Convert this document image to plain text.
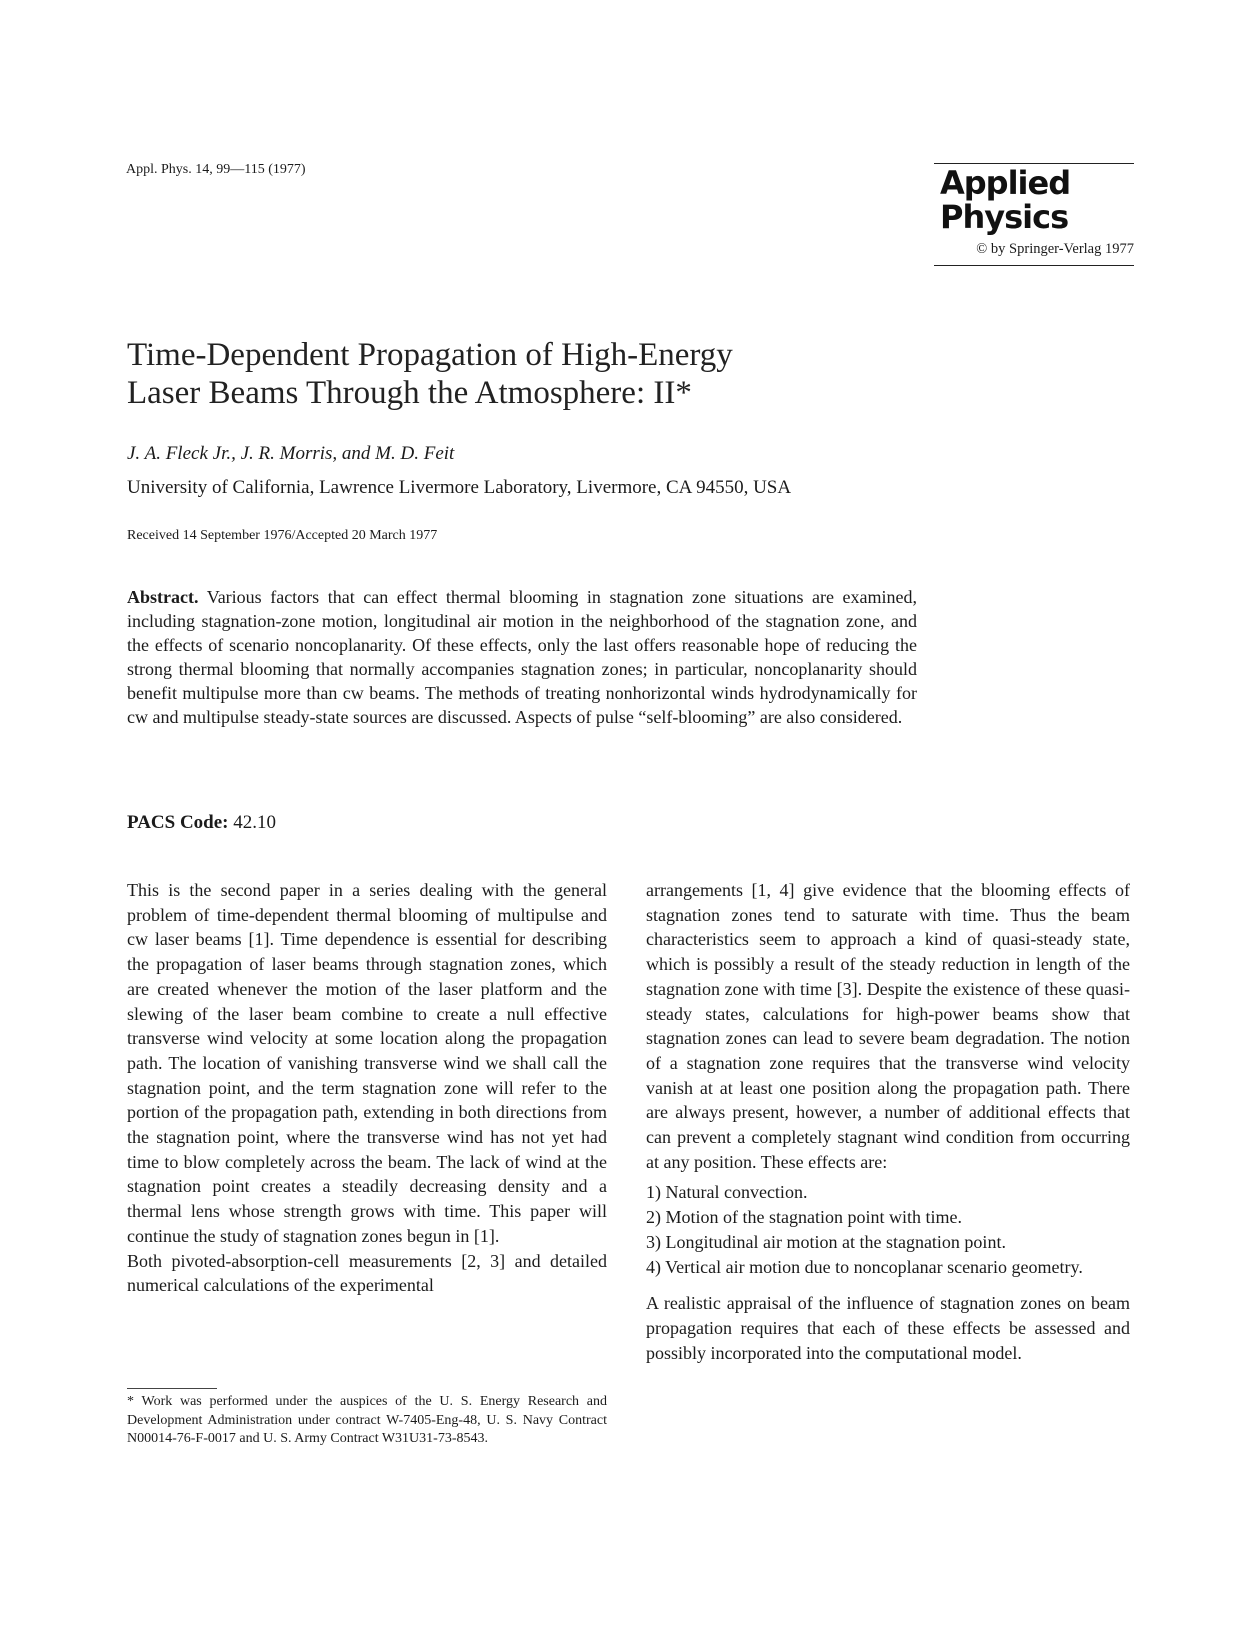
Appl. Phys. 14, 99—115 (1977)	Applied
Physics
© by Springer-Verlag 1977
Time-Dependent Propagation of High-Energy
Laser Beams Through the Atmosphere: II*
J. A. Fleck Jr., J. R. Morris, and M. D. Feit
University of California, Lawrence Livermore Laboratory, Livermore, CA 94550, USA
Received 14 September 1976/Accepted 20 March 1977
Abstract. Various factors that can effect thermal blooming in stagnation zone situations are examined, including stagnation-zone motion, longitudinal air motion in the neighborhood of the stagnation zone, and the effects of scenario noncoplanarity. Of these effects, only the last offers reasonable hope of reducing the strong thermal blooming that normally accompanies stagnation zones; in particular, noncoplanarity should benefit multipulse more than cw beams. The methods of treating nonhorizontal winds hydrodynamically for cw and multipulse steady-state sources are discussed. Aspects of pulse “self-blooming” are also considered.
PACS Code: 42.10

This is the second paper in a series dealing with the general problem of time-dependent thermal blooming of multipulse and cw laser beams [1]. Time dependence is essential for describing the propagation of laser beams through stagnation zones, which are created whenever the motion of the laser platform and the slewing of the laser beam combine to create a null effective transverse wind velocity at some location along the propagation path. The location of vanishing transverse wind we shall call the stagnation point, and the term stagnation zone will refer to the portion of the propagation path, extending in both directions from the stagnation point, where the transverse wind has not yet had time to blow completely across the beam. The lack of wind at the stagnation point creates a steadily decreasing density and a thermal lens whose strength grows with time. This paper will continue the study of stagnation zones begun in [1].

Both pivoted-absorption-cell measurements [2, 3] and detailed numerical calculations of the experimental

* Work was performed under the auspices of the U. S. Energy Research and Development Administration under contract W-7405-Eng-48, U. S. Navy Contract N00014-76-F-0017 and U. S. Army Contract W31U31-73-8543.

arrangements [1, 4] give evidence that the blooming effects of stagnation zones tend to saturate with time. Thus the beam characteristics seem to approach a kind of quasi-steady state, which is possibly a result of the steady reduction in length of the stagnation zone with time [3]. Despite the existence of these quasi-steady states, calculations for high-power beams show that stagnation zones can lead to severe beam degradation. The notion of a stagnation zone requires that the transverse wind velocity vanish at at least one position along the propagation path. There are always present, however, a number of additional effects that can prevent a completely stagnant wind condition from occurring at any position. These effects are:

1) Natural convection.
2) Motion of the stagnation point with time.
3) Longitudinal air motion at the stagnation point.
4) Vertical air motion due to noncoplanar scenario geometry.

A realistic appraisal of the influence of stagnation zones on beam propagation requires that each of these effects be assessed and possibly incorporated into the computational model.
